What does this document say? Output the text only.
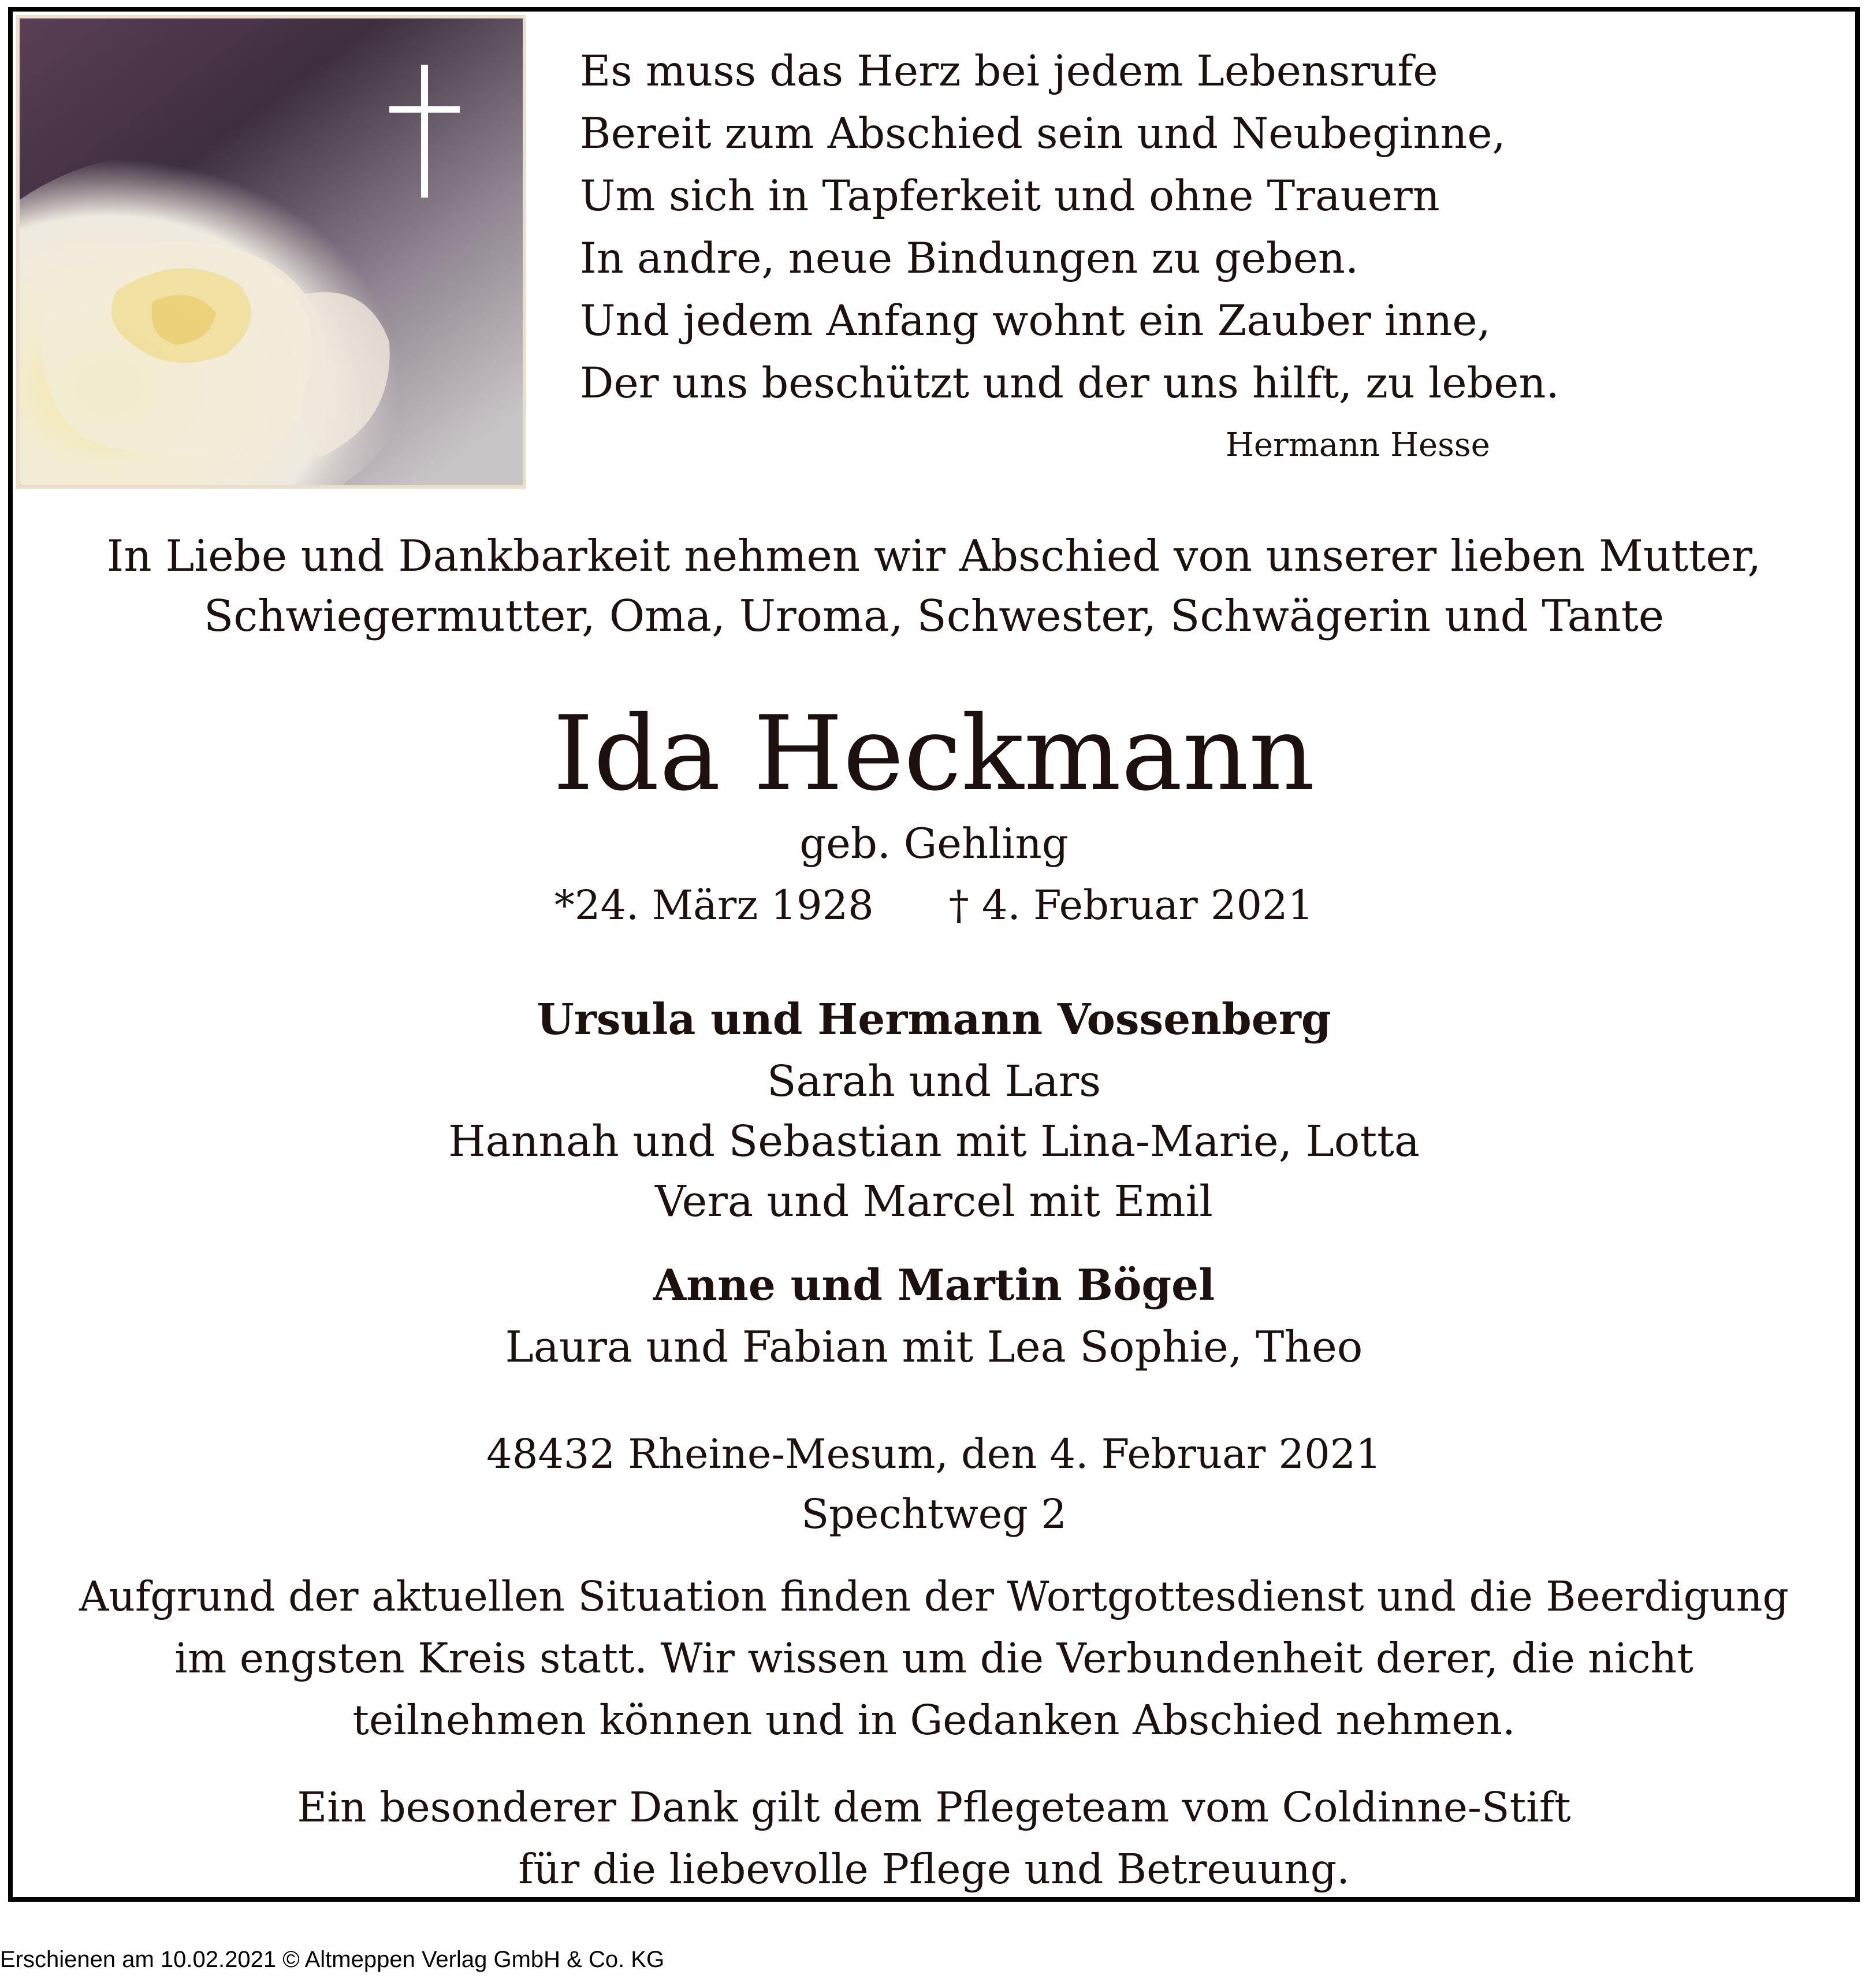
Es muss das Herz bei jedem Lebensrufe
Bereit zum Abschied sein und Neubeginne,
Um sich in Tapferkeit und ohne Trauern
In andre, neue Bindungen zu geben.
Und jedem Anfang wohnt ein Zauber inne,
Der uns beschützt und der uns hilft, zu leben.
Hermann Hesse
In Liebe und Dankbarkeit nehmen wir Abschied von unserer lieben Mutter,
Schwiegermutter, Oma, Uroma, Schwester, Schwägerin und Tante
Ida Heckmann
geb. Gehling
*24. März 1928 † 4. Februar 2021
Ursula und Hermann Vossenberg
Sarah und Lars
Hannah und Sebastian mit Lina-Marie, Lotta
Vera und Marcel mit Emil
Anne und Martin Bögel
Laura und Fabian mit Lea Sophie, Theo
48432 Rheine-Mesum, den 4. Februar 2021
Spechtweg 2
Aufgrund der aktuellen Situation finden der Wortgottesdienst und die Beerdigung
im engsten Kreis statt. Wir wissen um die Verbundenheit derer, die nicht
teilnehmen können und in Gedanken Abschied nehmen.
Ein besonderer Dank gilt dem Pflegeteam vom Coldinne-Stift
für die liebevolle Pflege und Betreuung.
Erschienen am 10.02.2021 © Altmeppen Verlag GmbH & Co. KG
